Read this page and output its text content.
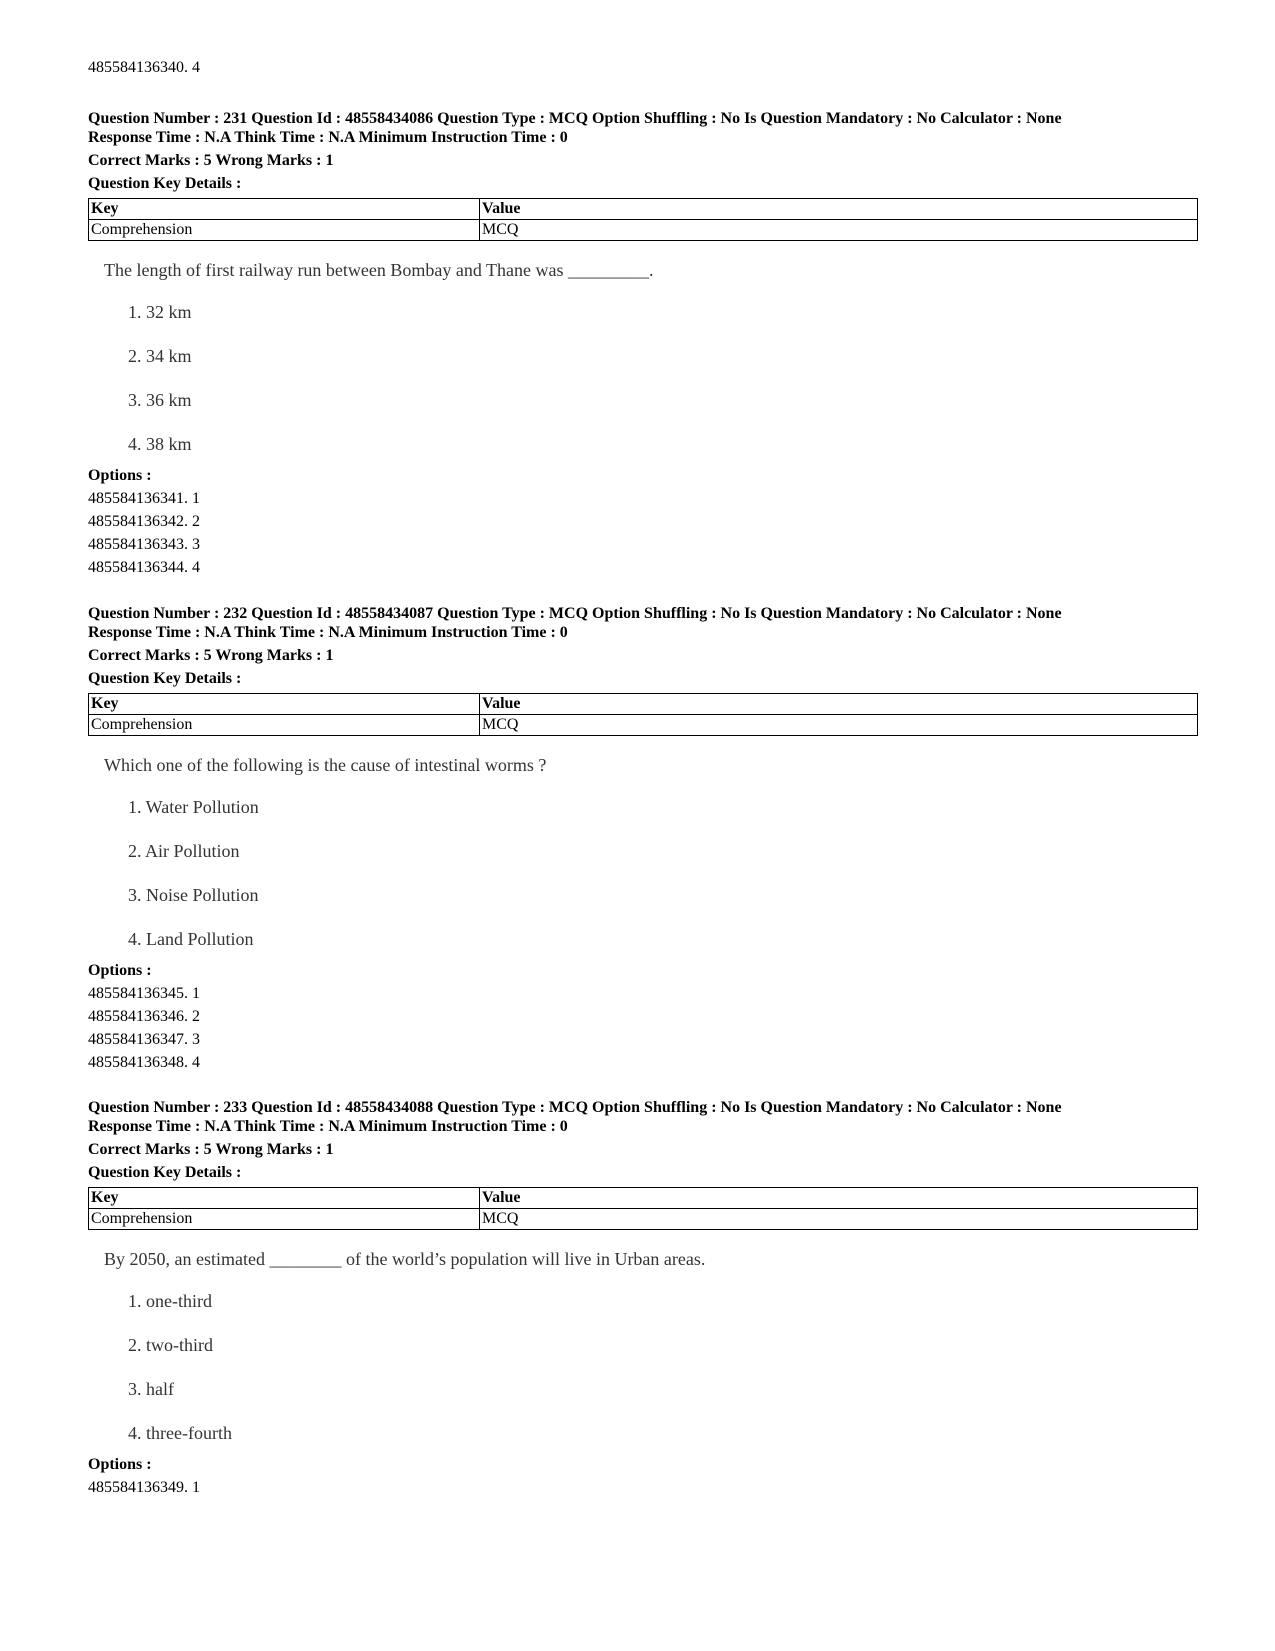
485584136340. 4
Question Number : 231 Question Id : 48558434086 Question Type : MCQ Option Shuffling : No Is Question Mandatory : No Calculator : None
Response Time : N.A Think Time : N.A Minimum Instruction Time : 0
Correct Marks : 5 Wrong Marks : 1
Question Key Details :
Key	Value
Comprehension	MCQ
The length of first railway run between Bombay and Thane was _________.
1. 32 km
2. 34 km
3. 36 km
4. 38 km
Options :
485584136341. 1
485584136342. 2
485584136343. 3
485584136344. 4
Question Number : 232 Question Id : 48558434087 Question Type : MCQ Option Shuffling : No Is Question Mandatory : No Calculator : None
Response Time : N.A Think Time : N.A Minimum Instruction Time : 0
Correct Marks : 5 Wrong Marks : 1
Question Key Details :
Key	Value
Comprehension	MCQ
Which one of the following is the cause of intestinal worms ?
1. Water Pollution
2. Air Pollution
3. Noise Pollution
4. Land Pollution
Options :
485584136345. 1
485584136346. 2
485584136347. 3
485584136348. 4
Question Number : 233 Question Id : 48558434088 Question Type : MCQ Option Shuffling : No Is Question Mandatory : No Calculator : None
Response Time : N.A Think Time : N.A Minimum Instruction Time : 0
Correct Marks : 5 Wrong Marks : 1
Question Key Details :
Key	Value
Comprehension	MCQ
By 2050, an estimated ________ of the world’s population will live in Urban areas.
1. one-third
2. two-third
3. half
4. three-fourth
Options :
485584136349. 1
